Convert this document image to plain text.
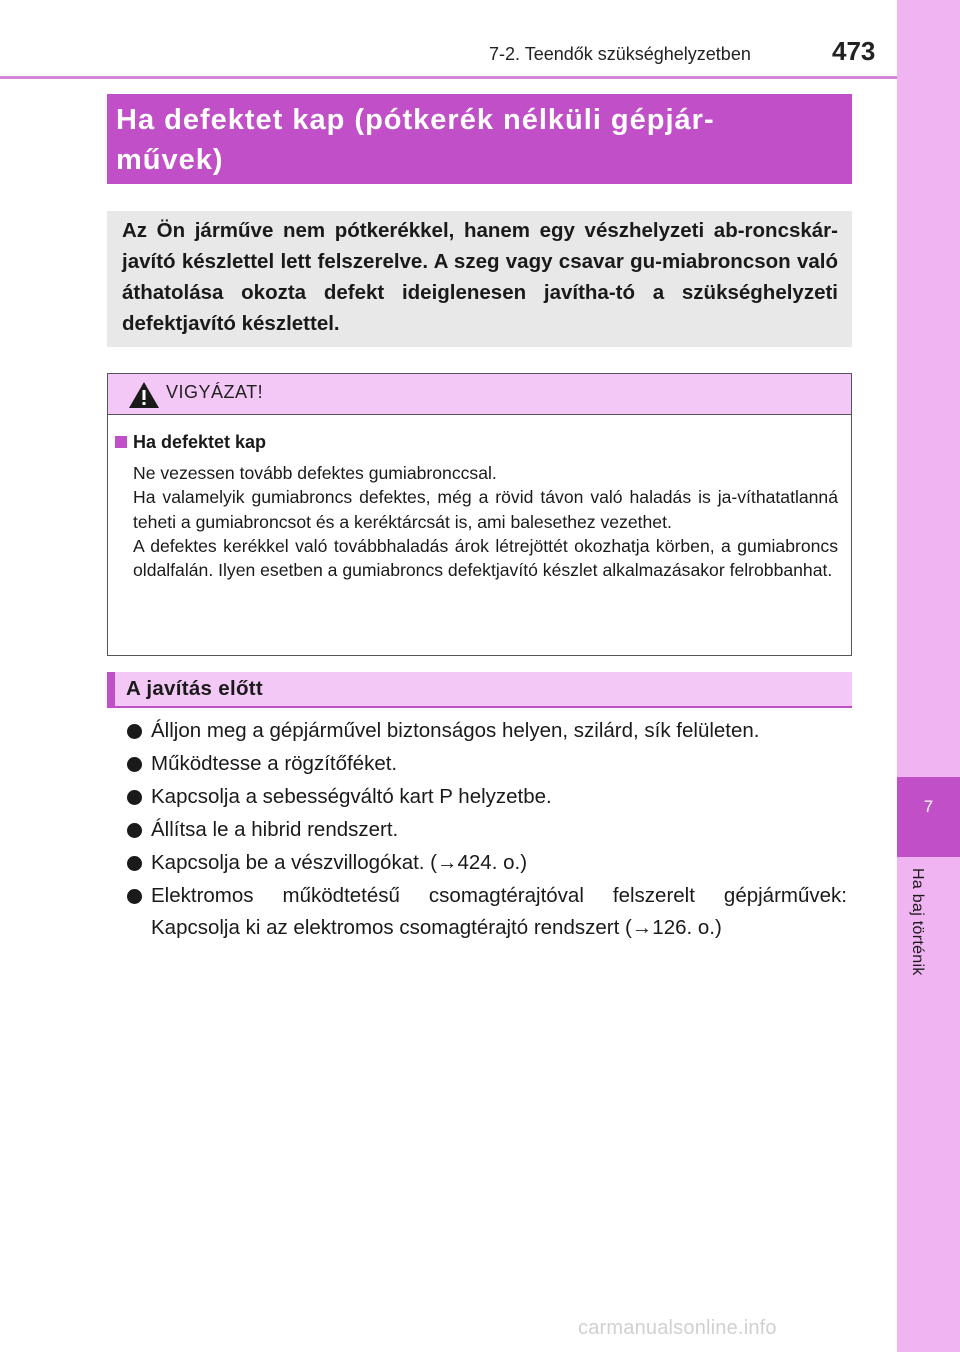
7
Ha baj történik
7-2. Teendők szükséghelyzetben	473
Ha defektet kap (pótkerék nélküli gépjár-
művek)
Az Ön járműve nem pótkerékkel, hanem egy vészhelyzeti ab-roncskár-javító készlettel lett felszerelve. A szeg vagy csavar gu-miabroncson való áthatolása okozta defekt ideiglenesen javítha-tó a szükséghelyzeti defektjavító készlettel.
VIGYÁZAT!
Ha defektet kap

Ne vezessen tovább defektes gumiabronccsal.

Ha valamelyik gumiabroncs defektes, még a rövid távon való haladás is ja-víthatatlanná teheti a gumiabroncsot és a keréktárcsát is, ami balesethez vezethet.

A defektes kerékkel való továbbhaladás árok létrejöttét okozhatja körben, a gumiabroncs oldalfalán. Ilyen esetben a gumiabroncs defektjavító készlet alkalmazásakor felrobbanhat.

A javítás előtt
Álljon meg a gépjárművel biztonságos helyen, szilárd, sík felületen.
Működtesse a rögzítőféket.
Kapcsolja a sebességváltó kart P helyzetbe.
Állítsa le a hibrid rendszert.
Kapcsolja be a vészvillogókat. (→424. o.)
Elektromos működtetésű csomagtérajtóval felszerelt gépjárművek: Kapcsolja ki az elektromos csomagtérajtó rendszert (→126. o.)
carmanualsonline.info
